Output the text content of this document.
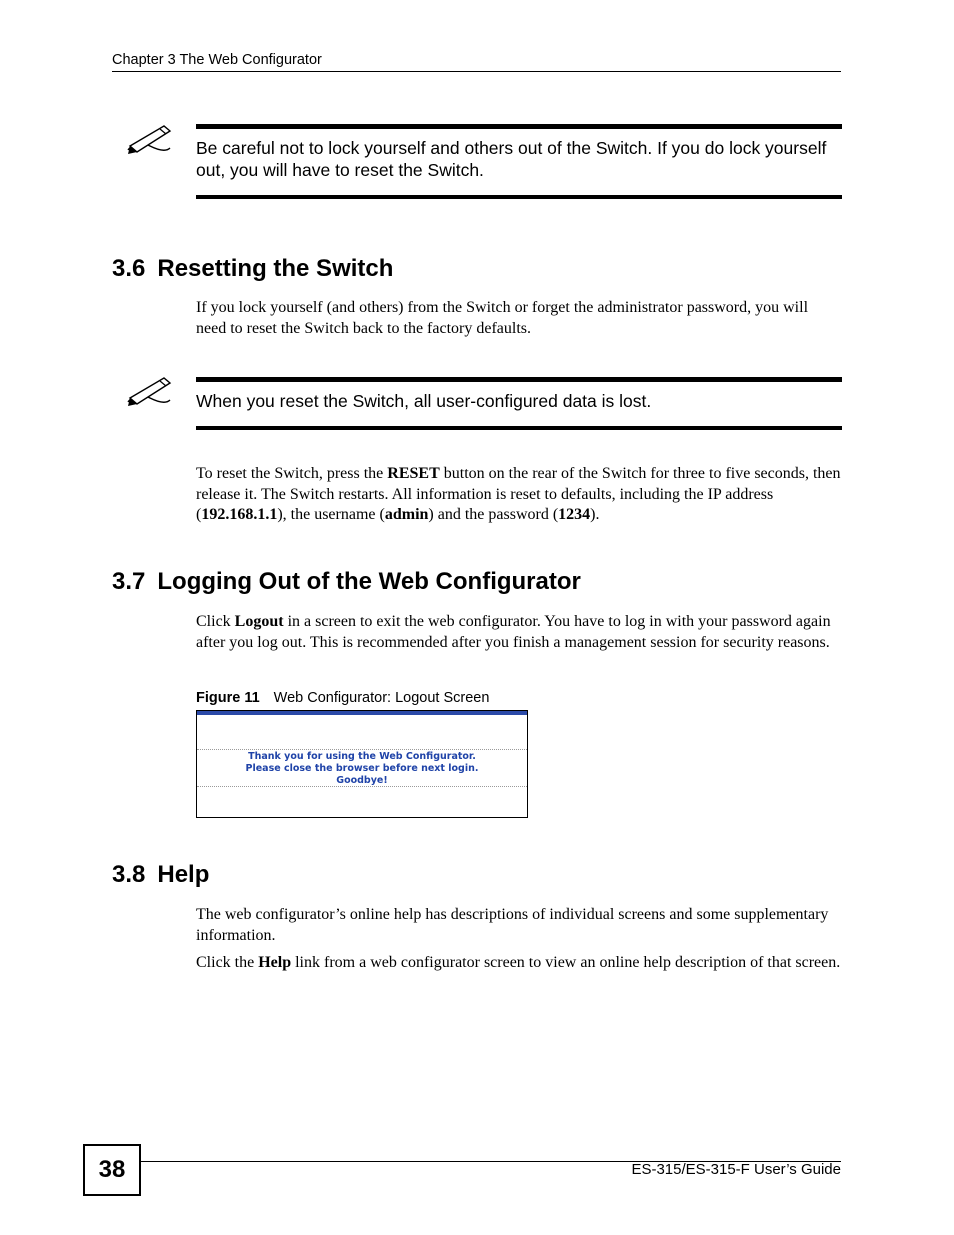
Chapter 3 The Web Configurator
Be careful not to lock yourself and others out of the Switch. If you do lock yourself out, you will have to reset the Switch.
3.6 Resetting the Switch

If you lock yourself (and others) from the Switch or forget the administrator password, you will need to reset the Switch back to the factory defaults.

When you reset the Switch, all user-configured data is lost.

To reset the Switch, press the RESET button on the rear of the Switch for three to five seconds, then release it. The Switch restarts. All information is reset to defaults, including the IP address (192.168.1.1), the username (admin) and the password (1234).

3.7 Logging Out of the Web Configurator

Click Logout in a screen to exit the web configurator. You have to log in with your password again after you log out. This is recommended after you finish a management session for security reasons.

Figure 11 Web Configurator: Logout Screen
Thank you for using the Web Configurator.
Please close the browser before next login.
Goodbye!
3.8 Help

The web configurator’s online help has descriptions of individual screens and some supplementary information.

Click the Help link from a web configurator screen to view an online help description of that screen.

38	ES-315/ES-315-F User’s Guide
